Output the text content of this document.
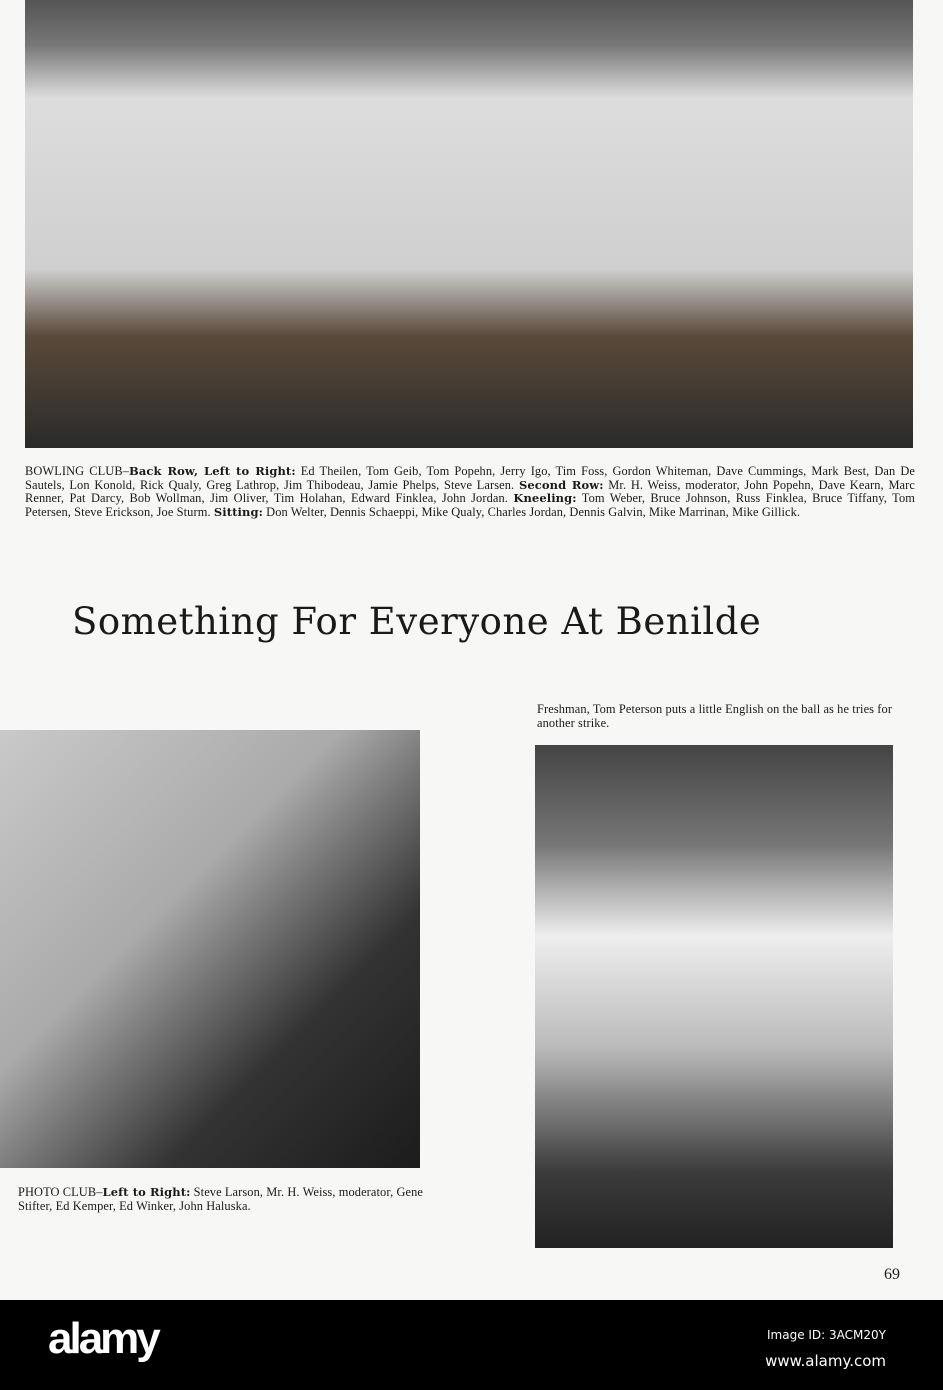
BOWLING CLUB–Back Row, Left to Right: Ed Theilen, Tom Geib, Tom Popehn, Jerry Igo, Tim Foss, Gordon Whiteman, Dave Cummings, Mark Best, Dan De Sautels, Lon Konold, Rick Qualy, Greg Lathrop, Jim Thibodeau, Jamie Phelps, Steve Larsen. Second Row: Mr. H. Weiss, moderator, John Popehn, Dave Kearn, Marc Renner, Pat Darcy, Bob Wollman, Jim Oliver, Tim Holahan, Edward Finklea, John Jordan. Kneeling: Tom Weber, Bruce Johnson, Russ Finklea, Bruce Tiffany, Tom Petersen, Steve Erickson, Joe Sturm. Sitting: Don Welter, Dennis Schaeppi, Mike Qualy, Charles Jordan, Dennis Galvin, Mike Marrinan, Mike Gillick.
Something For Everyone At Benilde
Freshman, Tom Peterson puts a little English on the ball as he tries for another strike.
PHOTO CLUB–Left to Right: Steve Larson, Mr. H. Weiss, moderator, Gene Stifter, Ed Kemper, Ed Winker, John Haluska.
69
alamy	Image ID: 3ACM20Y
www.alamy.com
